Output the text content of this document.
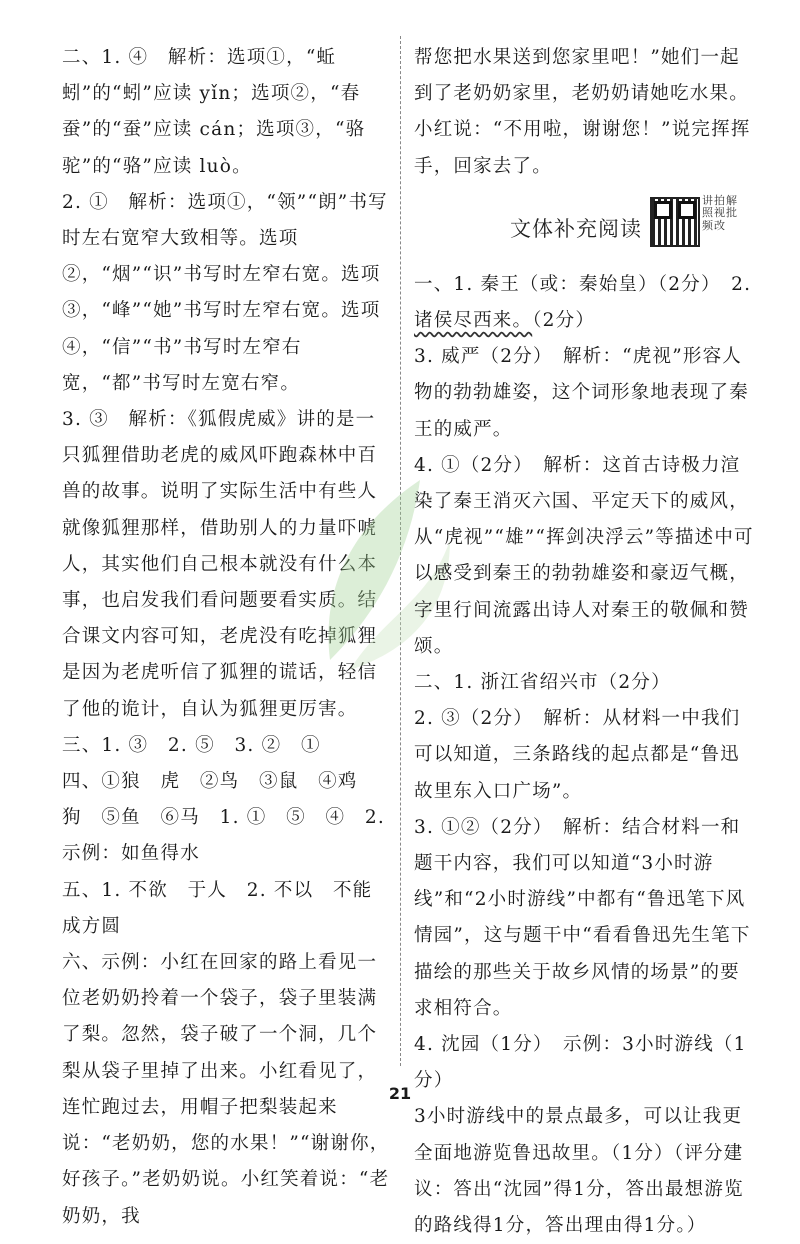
二、1. ④　解析：选项①，“蚯蚓”的“蚓”应读 yǐn；选项②，“春蚕”的“蚕”应读 cán；选项③，“骆驼”的“骆”应读 luò。

2. ①　解析：选项①，“领”“朗”书写时左右宽窄大致相等。选项②，“烟”“识”书写时左窄右宽。选项③，“峰”“她”书写时左窄右宽。选项④，“信”“书”书写时左窄右宽，“都”书写时左宽右窄。

3. ③　解析：《狐假虎威》讲的是一只狐狸借助老虎的威风吓跑森林中百兽的故事。说明了实际生活中有些人就像狐狸那样，借助别人的力量吓唬人，其实他们自己根本就没有什么本事，也启发我们看问题要看实质。结合课文内容可知，老虎没有吃掉狐狸是因为老虎听信了狐狸的谎话，轻信了他的诡计，自认为狐狸更厉害。

三、1. ③　2. ⑤　3. ②　①

四、①狼　虎　②鸟　③鼠　④鸡　狗　⑤鱼　⑥马　1. ①　⑤　④　2. 示例：如鱼得水

五、1. 不欲　于人　2. 不以　不能成方圆

六、示例：小红在回家的路上看见一位老奶奶拎着一个袋子，袋子里装满了梨。忽然，袋子破了一个洞，几个梨从袋子里掉了出来。小红看见了，连忙跑过去，用帽子把梨装起来说：“老奶奶，您的水果！”“谢谢你，好孩子。”老奶奶说。小红笑着说：“老奶奶，我

帮您把水果送到您家里吧！”她们一起到了老奶奶家里，老奶奶请她吃水果。小红说：“不用啦，谢谢您！”说完挥挥手，回家去了。

文体补充阅读
讲拍解照视批频改

一、1. 秦王（或：秦始皇）（2分）　2. 诸侯尽西来。（2分）

3. 威严（2分）　解析：“虎视”形容人物的勃勃雄姿，这个词形象地表现了秦王的威严。

4. ①（2分）　解析：这首古诗极力渲染了秦王消灭六国、平定天下的威风，从“虎视”“雄”“挥剑决浮云”等描述中可以感受到秦王的勃勃雄姿和豪迈气概，字里行间流露出诗人对秦王的敬佩和赞颂。

二、1. 浙江省绍兴市（2分）

2. ③（2分）　解析：从材料一中我们可以知道，三条路线的起点都是“鲁迅故里东入口广场”。

3. ①②（2分）　解析：结合材料一和题干内容，我们可以知道“3小时游线”和“2小时游线”中都有“鲁迅笔下风情园”，这与题干中“看看鲁迅先生笔下描绘的那些关于故乡风情的场景”的要求相符合。

4. 沈园（1分）　示例：3小时游线（1分）

3小时游线中的景点最多，可以让我更全面地游览鲁迅故里。（1分）（评分建议：答出“沈园”得1分，答出最想游览的路线得1分，答出理由得1分。）

21
